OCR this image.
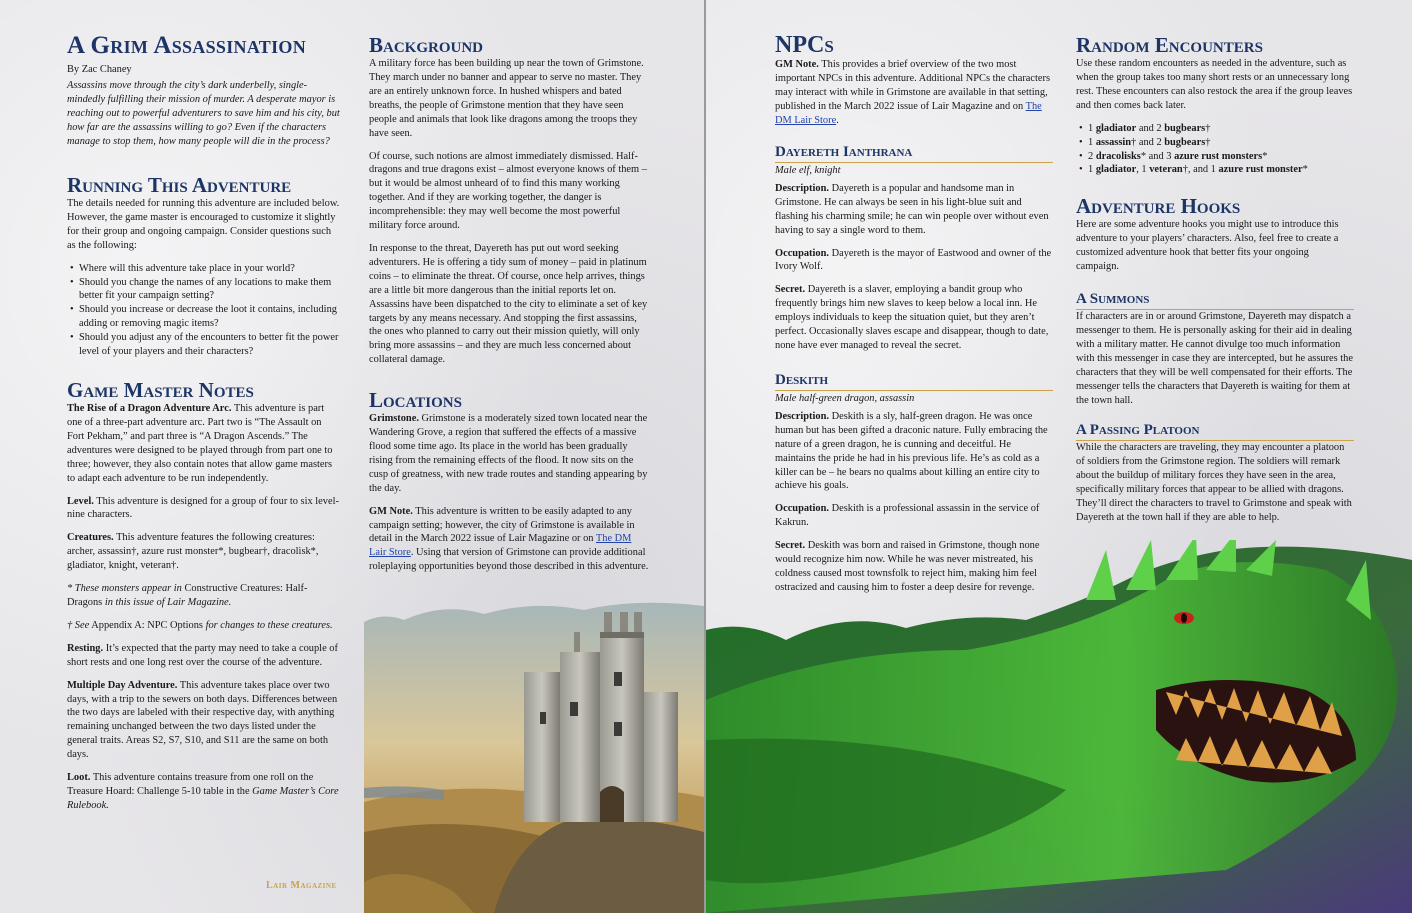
A Grim Assassination

By Zac Chaney

Assassins move through the city’s dark underbelly, single-mindedly fulfilling their mission of murder. A desperate mayor is reaching out to powerful adventurers to save him and his city, but how far are the assassins willing to go? Even if the characters manage to stop them, how many people will die in the process?

Running This Adventure

The details needed for running this adventure are included below. However, the game master is encouraged to customize it slightly for their group and ongoing campaign. Consider questions such as the following:

• Where will this adventure take place in your world?
• Should you change the names of any locations to make them better fit your campaign setting?
• Should you increase or decrease the loot it contains, including adding or removing magic items?
• Should you adjust any of the encounters to better fit the power level of your players and their characters?
Game Master Notes

The Rise of a Dragon Adventure Arc. This adventure is part one of a three-part adventure arc. Part two is “The Assault on Fort Pekham,” and part three is “A Dragon Ascends.” The adventures were designed to be played through from part one to three; however, they also contain notes that allow game masters to adapt each adventure to be run independently.

Level. This adventure is designed for a group of four to six level-nine characters.

Creatures. This adventure features the following creatures: archer, assassin†, azure rust monster*, bugbear†, dracolisk*, gladiator, knight, veteran†.

* These monsters appear in Constructive Creatures: Half-Dragons in this issue of Lair Magazine.

† See Appendix A: NPC Options for changes to these creatures.

Resting. It’s expected that the party may need to take a couple of short rests and one long rest over the course of the adventure.

Multiple Day Adventure. This adventure takes place over two days, with a trip to the sewers on both days. Differences between the two days are labeled with their respective day, with anything remaining unchanged between the two days listed under the general traits. Areas S2, S7, S10, and S11 are the same on both days.

Loot. This adventure contains treasure from one roll on the Treasure Hoard: Challenge 5-10 table in the Game Master’s Core Rulebook.

Background

A military force has been building up near the town of Grimstone. They march under no banner and appear to serve no master. They are an entirely unknown force. In hushed whispers and bated breaths, the people of Grimstone mention that they have seen people and animals that look like dragons among the troops they have seen.

Of course, such notions are almost immediately dismissed. Half-dragons and true dragons exist – almost everyone knows of them – but it would be almost unheard of to find this many working together. And if they are working together, the danger is incomprehensible: they may well become the most powerful military force around.

In response to the threat, Dayereth has put out word seeking adventurers. He is offering a tidy sum of money – paid in platinum coins – to eliminate the threat. Of course, once help arrives, things are a little bit more dangerous than the initial reports let on. Assassins have been dispatched to the city to eliminate a set of key targets by any means necessary. And stopping the first assassins, the ones who planned to carry out their mission quietly, will only bring more assassins – and they are much less concerned about collateral damage.

Locations

Grimstone. Grimstone is a moderately sized town located near the Wandering Grove, a region that suffered the effects of a massive flood some time ago. Its place in the world has been gradually rising from the remaining effects of the flood. It now sits on the cusp of greatness, with new trade routes and standing appearing by the day.

GM Note. This adventure is written to be easily adapted to any campaign setting; however, the city of Grimstone is available in detail in the March 2022 issue of Lair Magazine or on The DM Lair Store. Using that version of Grimstone can provide additional roleplaying opportunities beyond those described in this adventure.

Lair Magazine
NPCs

GM Note. This provides a brief overview of the two most important NPCs in this adventure. Additional NPCs the characters may interact with while in Grimstone are available in that setting, published in the March 2022 issue of Lair Magazine and on The DM Lair Store.

Dayereth Ianthrana

Male elf, knight

Description. Dayereth is a popular and handsome man in Grimstone. He can always be seen in his light-blue suit and flashing his charming smile; he can win people over without even having to say a single word to them.

Occupation. Dayereth is the mayor of Eastwood and owner of the Ivory Wolf.

Secret. Dayereth is a slaver, employing a bandit group who frequently brings him new slaves to keep below a local inn. He employs individuals to keep the situation quiet, but they aren’t perfect. Occasionally slaves escape and disappear, though to date, none have ever managed to reveal the secret.

Deskith

Male half-green dragon, assassin

Description. Deskith is a sly, half-green dragon. He was once human but has been gifted a draconic nature. Fully embracing the nature of a green dragon, he is cunning and deceitful. He maintains the pride he had in his previous life. He’s as cold as a killer can be – he bears no qualms about killing an entire city to achieve his goals.

Occupation. Deskith is a professional assassin in the service of Kakrun.

Secret. Deskith was born and raised in Grimstone, though none would recognize him now. While he was never mistreated, his coldness caused most townsfolk to reject him, making him feel ostracized and causing him to foster a deep desire for revenge.

Random Encounters

Use these random encounters as needed in the adventure, such as when the group takes too many short rests or an unnecessary long rest. These encounters can also restock the area if the group leaves and then comes back later.

• 1 gladiator and 2 bugbears†
• 1 assassin† and 2 bugbears†
• 2 dracolisks* and 3 azure rust monsters*
• 1 gladiator, 1 veteran†, and 1 azure rust monster*
Adventure Hooks

Here are some adventure hooks you might use to introduce this adventure to your players’ characters. Also, feel free to create a customized adventure hook that better fits your ongoing campaign.

A Summons

If characters are in or around Grimstone, Dayereth may dispatch a messenger to them. He is personally asking for their aid in dealing with a military matter. He cannot divulge too much information with this messenger in case they are intercepted, but he assures the characters that they will be well compensated for their efforts. The messenger tells the characters that Dayereth is waiting for them at the town hall.

A Passing Platoon

While the characters are traveling, they may encounter a platoon of soldiers from the Grimstone region. The soldiers will remark about the buildup of military forces they have seen in the area, specifically military forces that appear to be allied with dragons. They’ll direct the characters to travel to Grimstone and speak with Dayereth at the town hall if they are able to help.
